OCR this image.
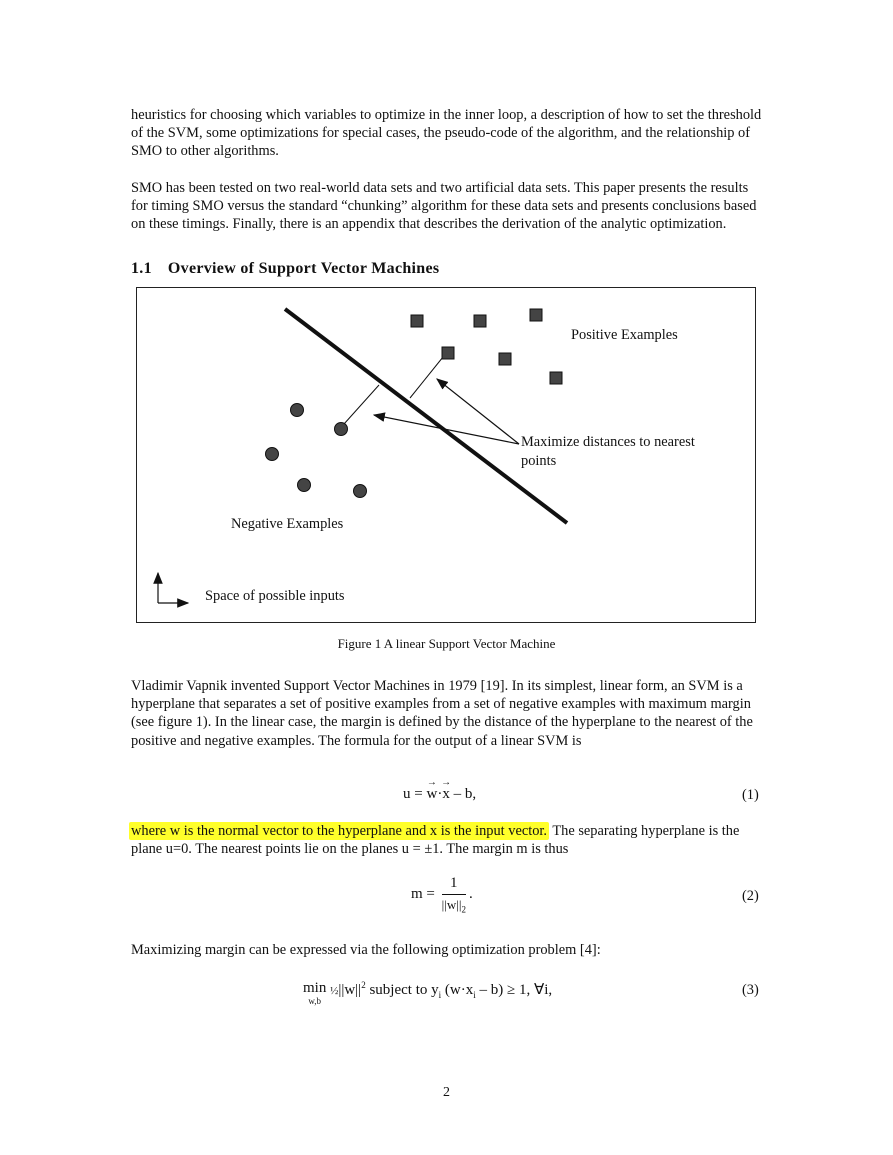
heuristics for choosing which variables to optimize in the inner loop, a description of how to set the threshold of the SVM, some optimizations for special cases, the pseudo-code of the algorithm, and the relationship of SMO to other algorithms.

SMO has been tested on two real-world data sets and two artificial data sets. This paper presents the results for timing SMO versus the standard “chunking” algorithm for these data sets and presents conclusions based on these timings. Finally, there is an appendix that describes the derivation of the analytic optimization.

1.1 Overview of Support Vector Machines
Positive Examples
Maximize distances to nearest
points
Negative Examples
Space of possible inputs
Figure 1 A linear Support Vector Machine

Vladimir Vapnik invented Support Vector Machines in 1979 [19]. In its simplest, linear form, an SVM is a hyperplane that separates a set of positive examples from a set of negative examples with maximum margin (see figure 1). In the linear case, the margin is defined by the distance of the hyperplane to the nearest of the positive and negative examples. The formula for the output of a linear SVM is

u = → w·→ x – b,	(1)

where w is the normal vector to the hyperplane and x is the input vector. The separating hyperplane is the plane u=0. The nearest points lie on the planes u = ±1. The margin m is thus

$m = \frac{1}{||w||_2}$ .	(2)

Maximizing margin can be expressed via the following optimization problem [4]:

min
w,b
$\frac{1}{2}||w||^2$ subject to $y_i$ $(w\cdot x_i - b) \ge 1$, ∀i,	(3)
2
